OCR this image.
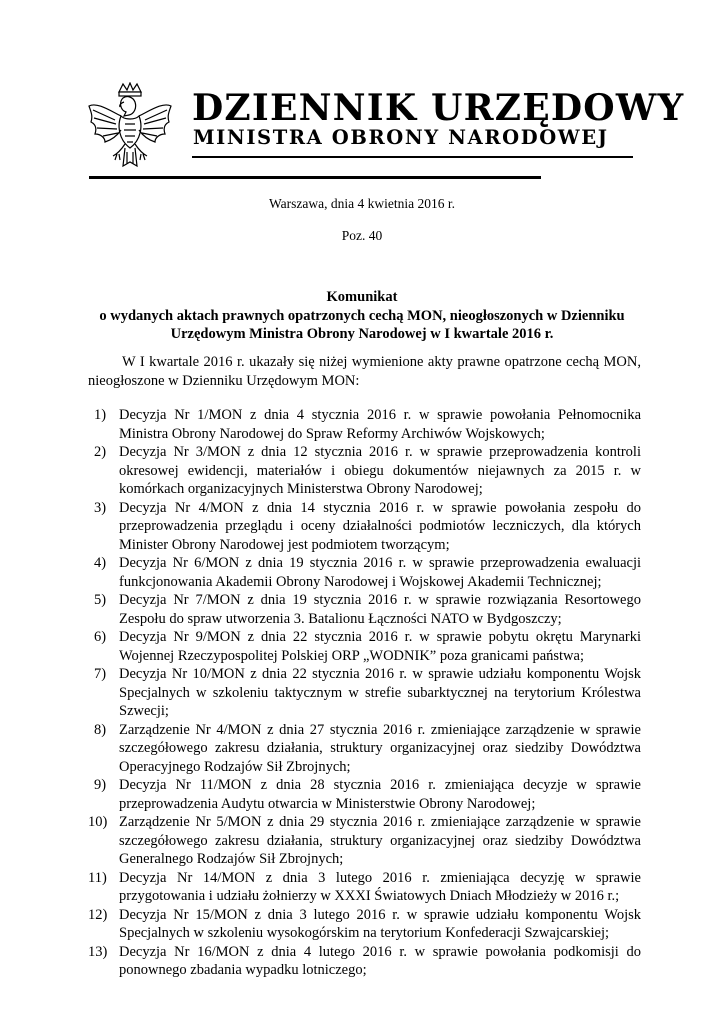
DZIENNIK URZĘDOWY
MINISTRA OBRONY NARODOWEJ
Warszawa, dnia 4 kwietnia 2016 r.
Poz. 40
Komunikat
o wydanych aktach prawnych opatrzonych cechą MON, nieogłoszonych w Dzienniku
Urzędowym Ministra Obrony Narodowej w I kwartale 2016 r.

W I kwartale 2016 r. ukazały się niżej wymienione akty prawne opatrzone cechą MON, nieogłoszone w Dzienniku Urzędowym MON:

1) Decyzja Nr 1/MON z dnia 4 stycznia 2016 r. w sprawie powołania Pełnomocnika Ministra Obrony Narodowej do Spraw Reformy Archiwów Wojskowych;
2) Decyzja Nr 3/MON z dnia 12 stycznia 2016 r. w sprawie przeprowadzenia kontroli okresowej ewidencji, materiałów i obiegu dokumentów niejawnych za 2015 r. w komórkach organizacyjnych Ministerstwa Obrony Narodowej;
3) Decyzja Nr 4/MON z dnia 14 stycznia 2016 r. w sprawie powołania zespołu do przeprowadzenia przeglądu i oceny działalności podmiotów leczniczych, dla których Minister Obrony Narodowej jest podmiotem tworzącym;
4) Decyzja Nr 6/MON z dnia 19 stycznia 2016 r. w sprawie przeprowadzenia ewaluacji funkcjonowania Akademii Obrony Narodowej i Wojskowej Akademii Technicznej;
5) Decyzja Nr 7/MON z dnia 19 stycznia 2016 r. w sprawie rozwiązania Resortowego Zespołu do spraw utworzenia 3. Batalionu Łączności NATO w Bydgoszczy;
6) Decyzja Nr 9/MON z dnia 22 stycznia 2016 r. w sprawie pobytu okrętu Marynarki Wojennej Rzeczypospolitej Polskiej ORP „WODNIK” poza granicami państwa;
7) Decyzja Nr 10/MON z dnia 22 stycznia 2016 r. w sprawie udziału komponentu Wojsk Specjalnych w szkoleniu taktycznym w strefie subarktycznej na terytorium Królestwa Szwecji;
8) Zarządzenie Nr 4/MON z dnia 27 stycznia 2016 r. zmieniające zarządzenie w sprawie szczegółowego zakresu działania, struktury organizacyjnej oraz siedziby Dowództwa Operacyjnego Rodzajów Sił Zbrojnych;
9) Decyzja Nr 11/MON z dnia 28 stycznia 2016 r. zmieniająca decyzje w sprawie przeprowadzenia Audytu otwarcia w Ministerstwie Obrony Narodowej;
10) Zarządzenie Nr 5/MON z dnia 29 stycznia 2016 r. zmieniające zarządzenie w sprawie szczegółowego zakresu działania, struktury organizacyjnej oraz siedziby Dowództwa Generalnego Rodzajów Sił Zbrojnych;
11) Decyzja Nr 14/MON z dnia 3 lutego 2016 r. zmieniająca decyzję w sprawie przygotowania i udziału żołnierzy w XXXI Światowych Dniach Młodzieży w 2016 r.;
12) Decyzja Nr 15/MON z dnia 3 lutego 2016 r. w sprawie udziału komponentu Wojsk Specjalnych w szkoleniu wysokogórskim na terytorium Konfederacji Szwajcarskiej;
13) Decyzja Nr 16/MON z dnia 4 lutego 2016 r. w sprawie powołania podkomisji do ponownego zbadania wypadku lotniczego;
